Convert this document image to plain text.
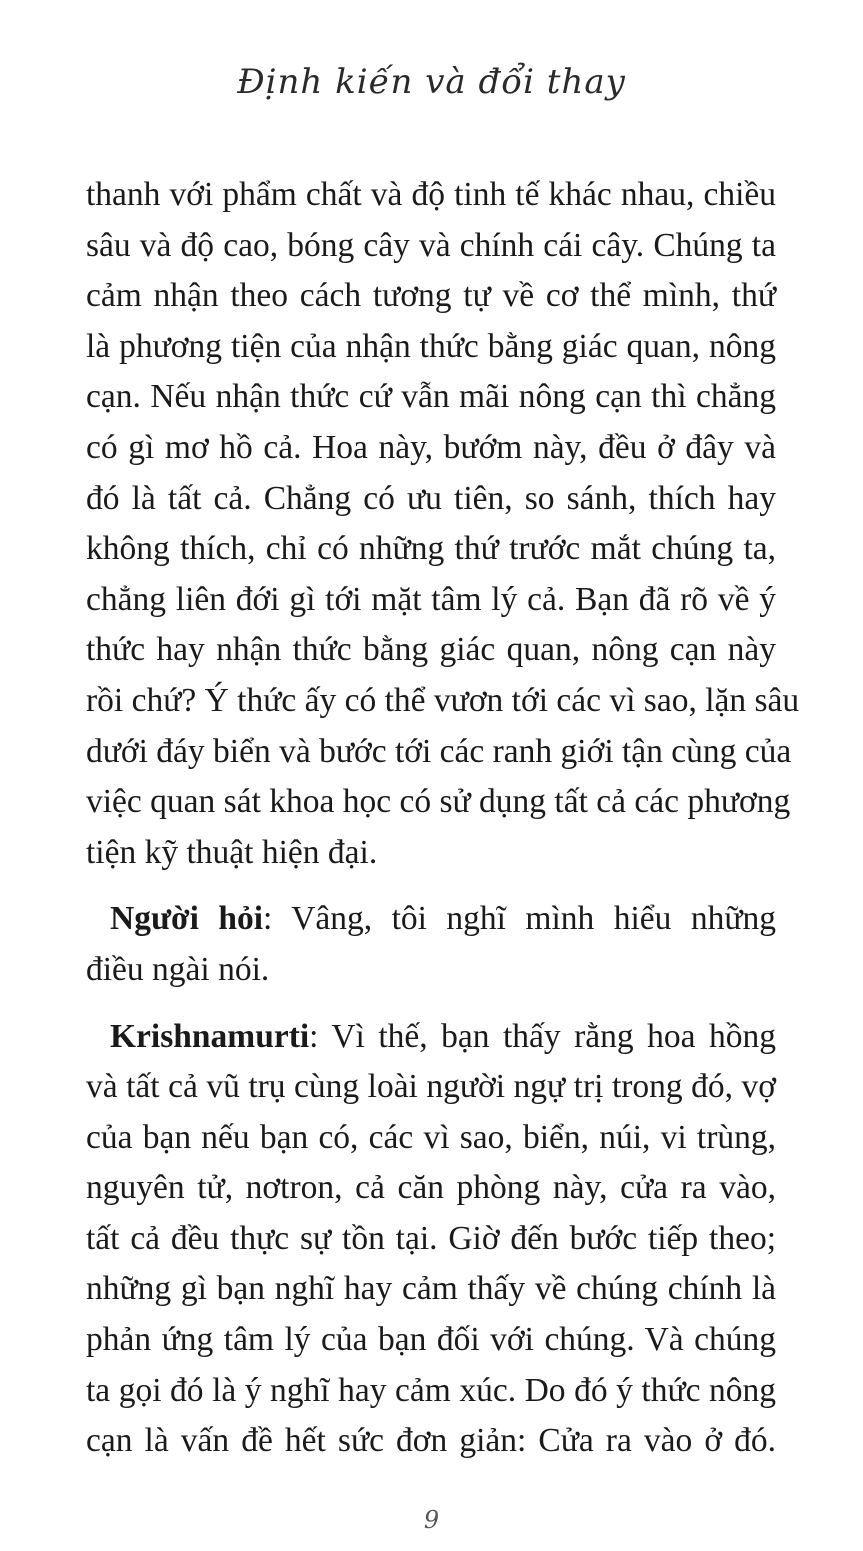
Định kiến và đổi thay
thanh với phẩm chất và độ tinh tế khác nhau, chiều
sâu và độ cao, bóng cây và chính cái cây. Chúng ta
cảm nhận theo cách tương tự về cơ thể mình, thứ
là phương tiện của nhận thức bằng giác quan, nông
cạn. Nếu nhận thức cứ vẫn mãi nông cạn thì chẳng
có gì mơ hồ cả. Hoa này, bướm này, đều ở đây và
đó là tất cả. Chẳng có ưu tiên, so sánh, thích hay
không thích, chỉ có những thứ trước mắt chúng ta,
chẳng liên đới gì tới mặt tâm lý cả. Bạn đã rõ về ý
thức hay nhận thức bằng giác quan, nông cạn này
rồi chứ? Ý thức ấy có thể vươn tới các vì sao, lặn sâu
dưới đáy biển và bước tới các ranh giới tận cùng của
việc quan sát khoa học có sử dụng tất cả các phương
tiện kỹ thuật hiện đại.
Người hỏi: Vâng, tôi nghĩ mình hiểu những
điều ngài nói.
Krishnamurti: Vì thế, bạn thấy rằng hoa hồng
và tất cả vũ trụ cùng loài người ngự trị trong đó, vợ
của bạn nếu bạn có, các vì sao, biển, núi, vi trùng,
nguyên tử, nơtron, cả căn phòng này, cửa ra vào,
tất cả đều thực sự tồn tại. Giờ đến bước tiếp theo;
những gì bạn nghĩ hay cảm thấy về chúng chính là
phản ứng tâm lý của bạn đối với chúng. Và chúng
ta gọi đó là ý nghĩ hay cảm xúc. Do đó ý thức nông
cạn là vấn đề hết sức đơn giản: Cửa ra vào ở đó.
9
